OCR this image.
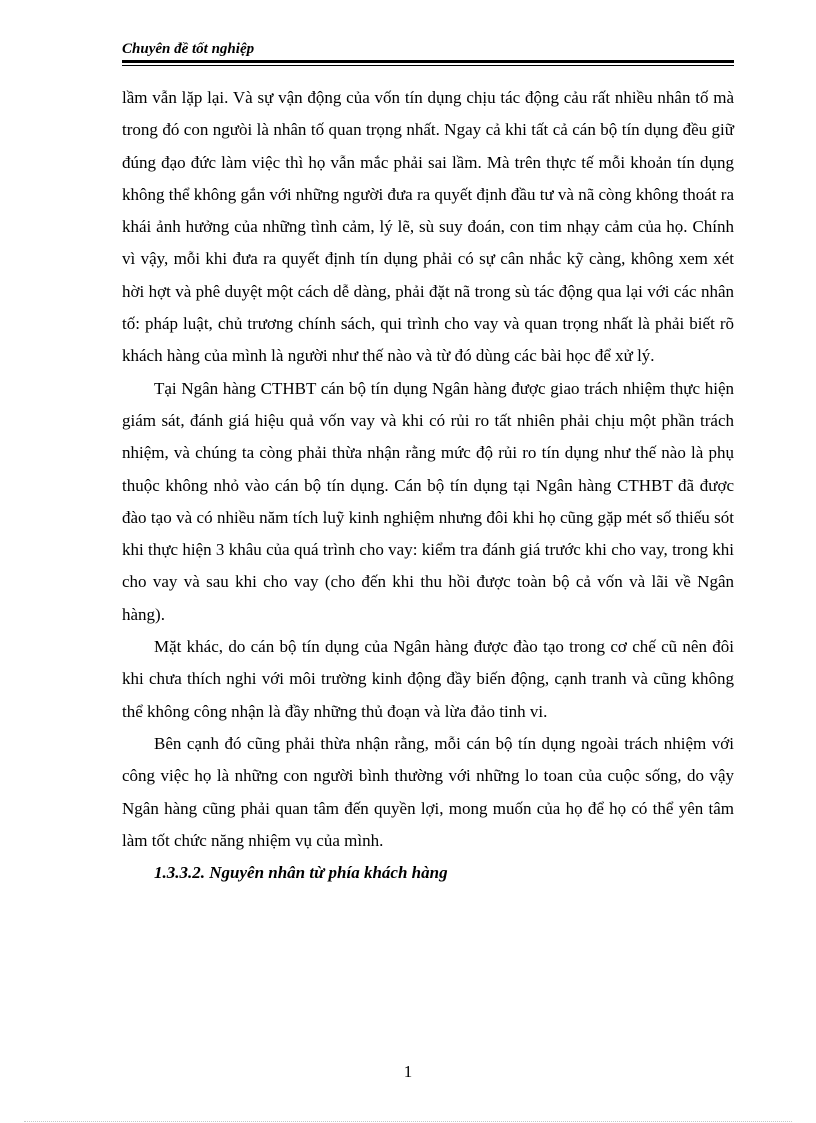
Chuyên đề tốt nghiệp

lầm vẫn lặp lại. Và sự vận động của vốn tín dụng chịu tác động cảu rất nhiều nhân tố mà trong đó con ngưòi là nhân tố quan trọng nhất. Ngay cả khi tất cả cán bộ tín dụng đều giữ đúng đạo đức làm việc thì họ vẫn mắc phải sai lầm. Mà trên thực tế mỗi khoản tín dụng không thể không gắn với những người đưa ra quyết định đầu tư và nã còng không thoát ra khái ảnh hưởng của những tình cảm, lý lẽ, sù suy đoán, con tim nhạy cảm của họ. Chính vì vậy, mỗi khi đưa ra quyết định tín dụng phải có sự cân nhắc kỹ càng, không xem xét hời hợt và phê duyệt một cách dễ dàng, phải đặt nã trong sù tác động qua lại với các nhân tố: pháp luật, chủ trương chính sách, qui trình cho vay và quan trọng nhất là phải biết rõ khách hàng của mình là người như thế nào và từ đó dùng các bài học để xử lý.

Tại Ngân hàng CTHBT cán bộ tín dụng Ngân hàng được giao trách nhiệm thực hiện giám sát, đánh giá hiệu quả vốn vay và khi có rủi ro tất nhiên phải chịu một phần trách nhiệm, và chúng ta còng phải thừa nhận rằng mức độ rủi ro tín dụng như thế nào là phụ thuộc không nhỏ vào cán bộ tín dụng. Cán bộ tín dụng tại Ngân hàng CTHBT đã được đào tạo và có nhiều năm tích luỹ kinh nghiệm nhưng đôi khi họ cũng gặp mét số thiếu sót khi thực hiện 3 khâu của quá trình cho vay: kiểm tra đánh giá trước khi cho vay, trong khi cho vay và sau khi cho vay (cho đến khi thu hồi được toàn bộ cả vốn và lãi về Ngân hàng).

Mặt khác, do cán bộ tín dụng của Ngân hàng được đào tạo trong cơ chế cũ nên đôi khi chưa thích nghi với môi trường kinh động đầy biến động, cạnh tranh và cũng không thể không công nhận là đầy những thủ đoạn và lừa đảo tinh vi.

Bên cạnh đó cũng phải thừa nhận rằng, mỗi cán bộ tín dụng ngoài trách nhiệm với công việc họ là những con người bình thường với những lo toan của cuộc sống, do vậy Ngân hàng cũng phải quan tâm đến quyền lợi, mong muốn của họ để họ có thể yên tâm làm tốt chức năng nhiệm vụ của mình.

1.3.3.2. Nguyên nhân từ phía khách hàng

1
